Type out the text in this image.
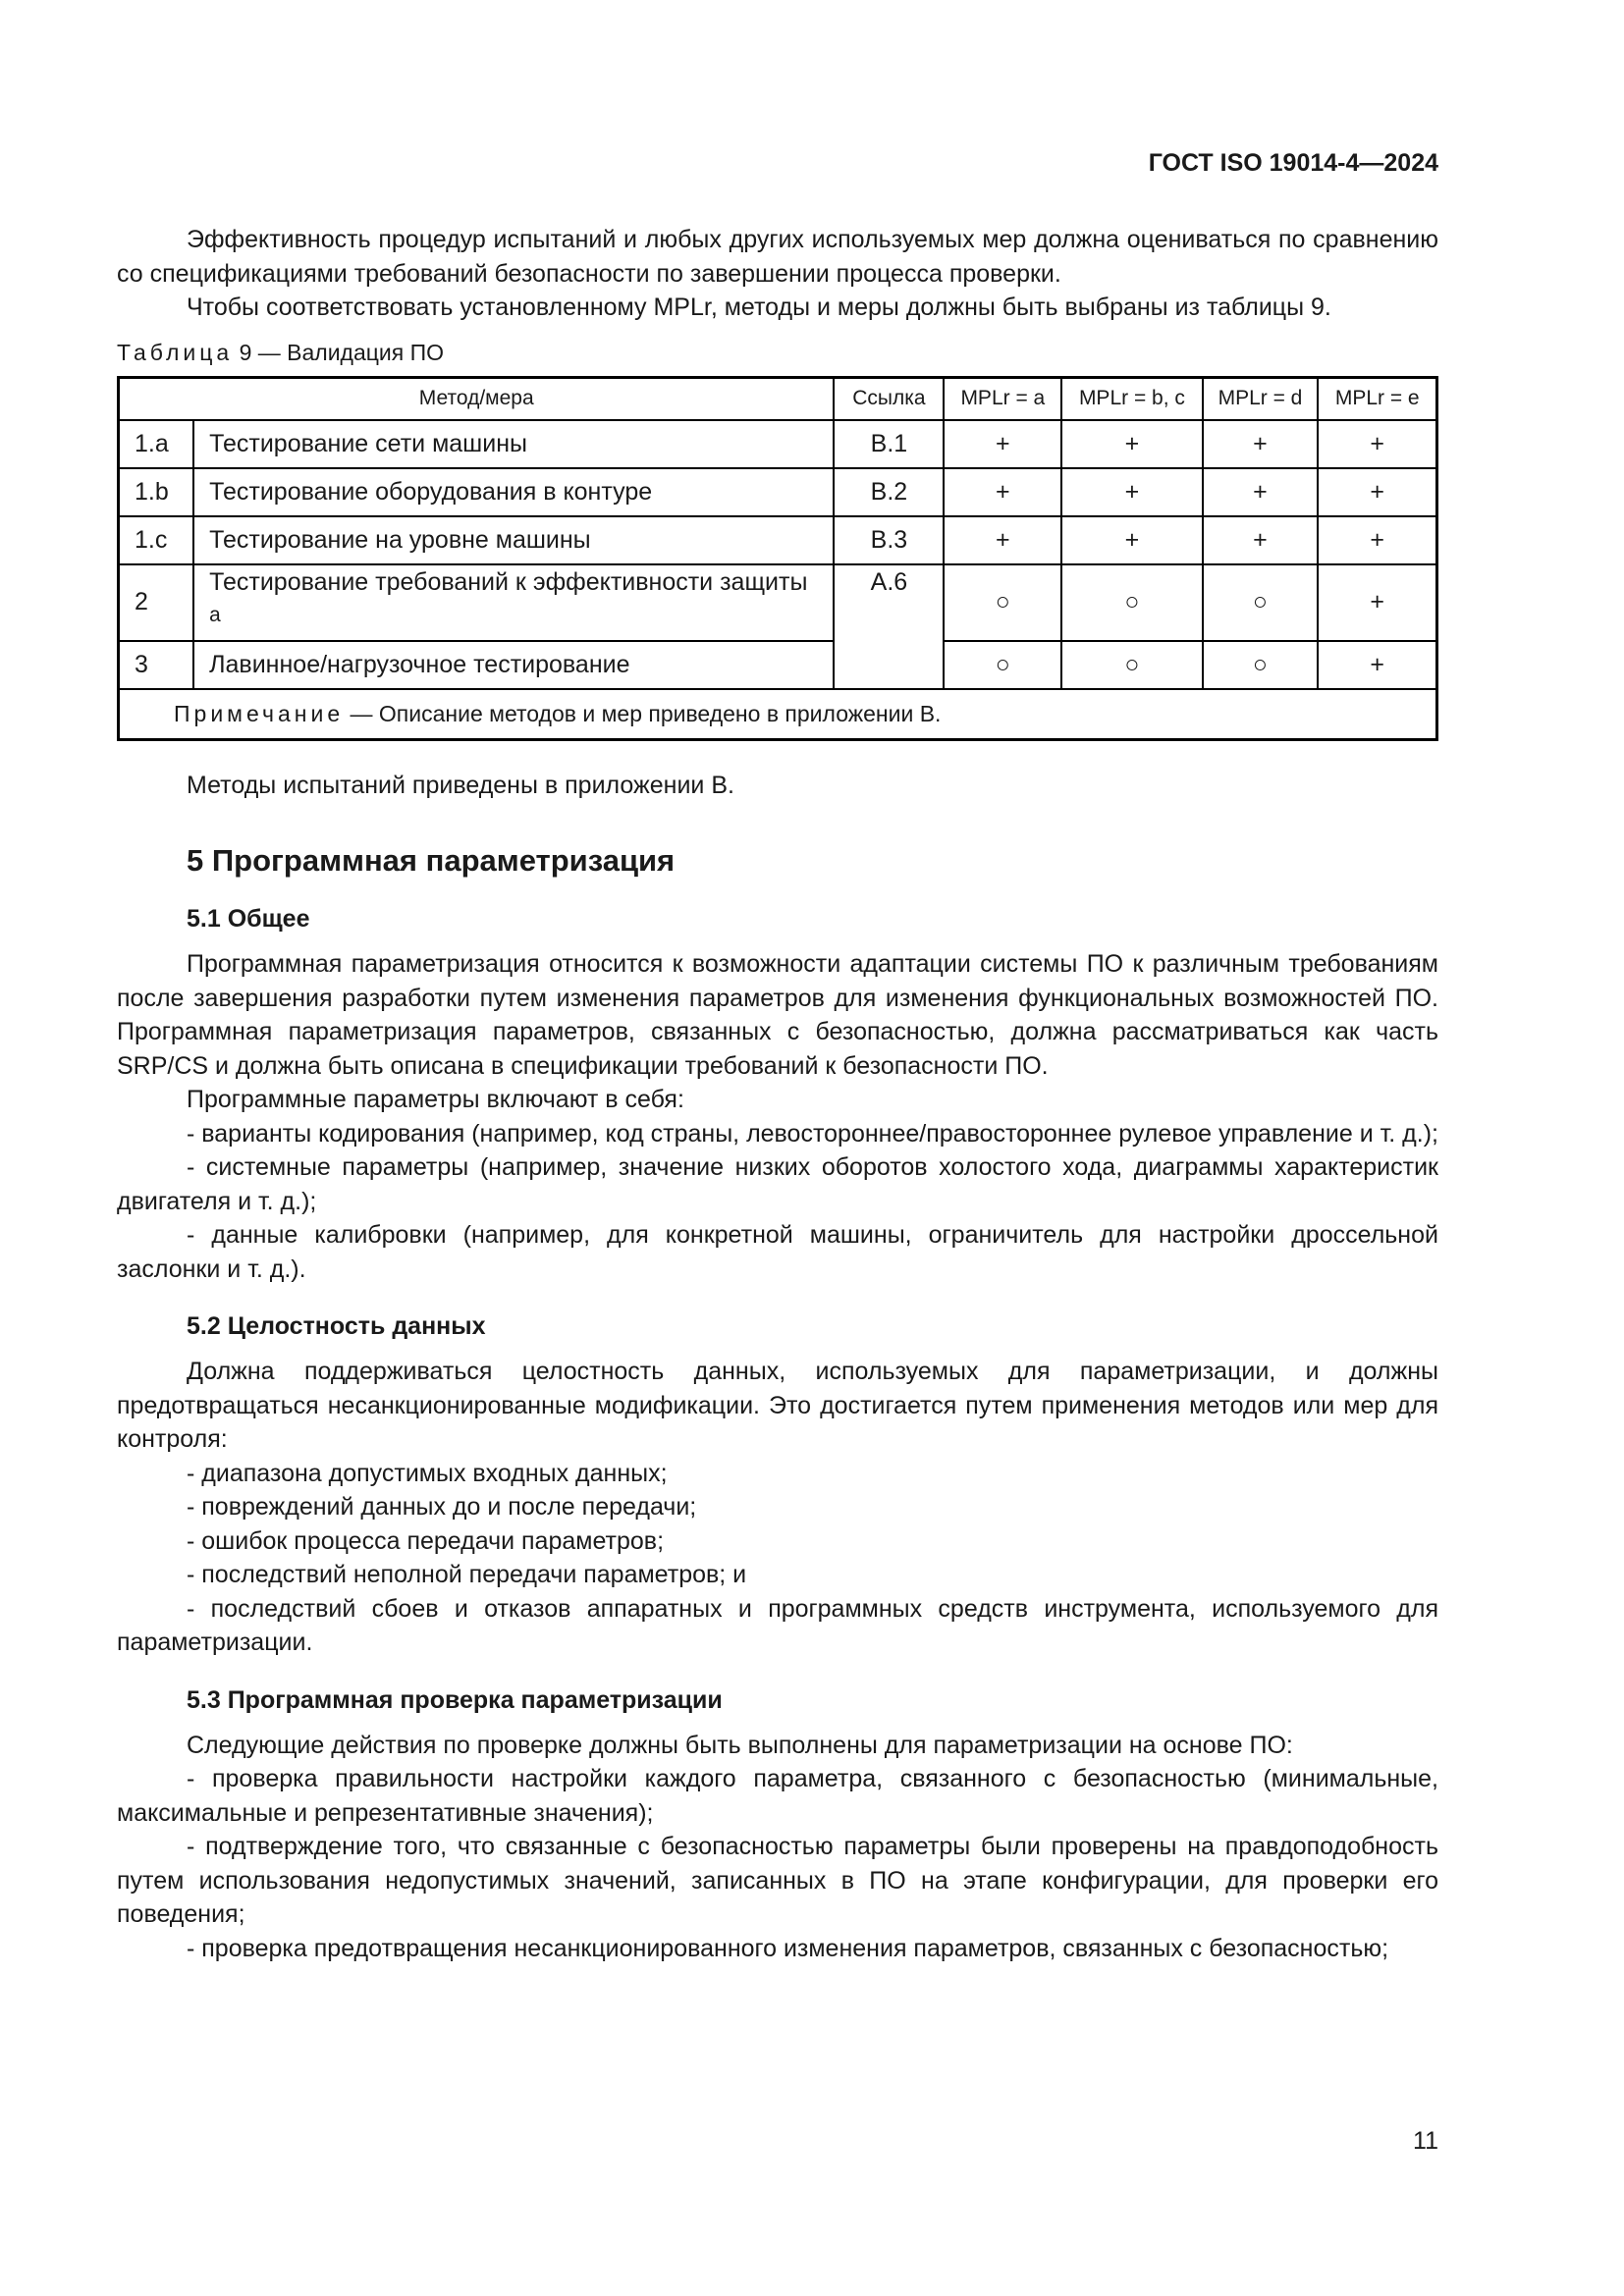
ГОСТ ISO 19014-4—2024

Эффективность процедур испытаний и любых других используемых мер должна оцениваться по сравнению со спецификациями требований безопасности по завершении процесса проверки.

Чтобы соответствовать установленному MPLr, методы и меры должны быть выбраны из таблицы 9.

Таблица 9 — Валидация ПО
Метод/мера		Ссылка	MPLr = a	MPLr = b, c	MPLr = d	MPLr = e
1.a	Тестирование сети машины	B.1	+	+	+	+
1.b	Тестирование оборудования в контуре	B.2	+	+	+	+
1.c	Тестирование на уровне машины	B.3	+	+	+	+
2	Тестирование требований к эффективности защиты $^a$	A.6	○	○	○	+
3	Лавинное/нагрузочное тестирование		○	○	○	+
Примечание — Описание методов и мер приведено в приложении B.						

Методы испытаний приведены в приложении B.

5 Программная параметризация
5.1 Общее

Программная параметризация относится к возможности адаптации системы ПО к различным требованиям после завершения разработки путем изменения параметров для изменения функциональных возможностей ПО. Программная параметризация параметров, связанных с безопасностью, должна рассматриваться как часть SRP/CS и должна быть описана в спецификации требований к безопасности ПО.

Программные параметры включают в себя:

- варианты кодирования (например, код страны, левостороннее/правостороннее рулевое управление и т. д.);

- системные параметры (например, значение низких оборотов холостого хода, диаграммы характеристик двигателя и т. д.);

- данные калибровки (например, для конкретной машины, ограничитель для настройки дроссельной заслонки и т. д.).

5.2 Целостность данных

Должна поддерживаться целостность данных, используемых для параметризации, и должны предотвращаться несанкционированные модификации. Это достигается путем применения методов или мер для контроля:

- диапазона допустимых входных данных;

- повреждений данных до и после передачи;

- ошибок процесса передачи параметров;

- последствий неполной передачи параметров; и

- последствий сбоев и отказов аппаратных и программных средств инструмента, используемого для параметризации.

5.3 Программная проверка параметризации

Следующие действия по проверке должны быть выполнены для параметризации на основе ПО:

- проверка правильности настройки каждого параметра, связанного с безопасностью (минимальные, максимальные и репрезентативные значения);

- подтверждение того, что связанные с безопасностью параметры были проверены на правдоподобность путем использования недопустимых значений, записанных в ПО на этапе конфигурации, для проверки его поведения;

- проверка предотвращения несанкционированного изменения параметров, связанных с безопасностью;

11
